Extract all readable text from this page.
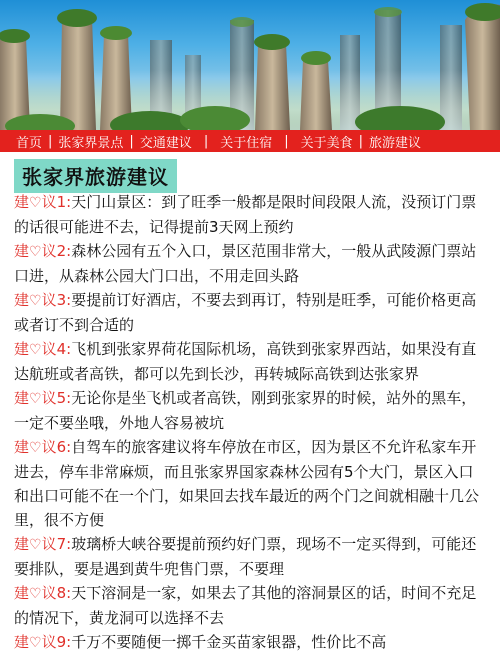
首页 | 张家界景点 | 交通建议 | 关于住宿 | 关于美食 | 旅游建议
张家界旅游建议

建♡议1:天门山景区：到了旺季一般都是限时间段限人流，没预订门票的话很可能进不去，记得提前3天网上预约

建♡议2:森林公园有五个入口，景区范围非常大，一般从武陵源门票站口进，从森林公园大门口出，不用走回头路

建♡议3:要提前订好酒店，不要去到再订，特别是旺季，可能价格更高或者订不到合适的

建♡议4:飞机到张家界荷花国际机场，高铁到张家界西站，如果没有直达航班或者高铁，都可以先到长沙，再转城际高铁到达张家界

建♡议5:无论你是坐飞机或者高铁，刚到张家界的时候，站外的黑车，一定不要坐哦，外地人容易被坑

建♡议6:自驾车的旅客建议将车停放在市区，因为景区不允许私家车开进去，停车非常麻烦，而且张家界国家森林公园有5个大门，景区入口和出口可能不在一个门，如果回去找车最近的两个门之间就相融十几公里，很不方便

建♡议7:玻璃桥大峡谷要提前预约好门票，现场不一定买得到，可能还要排队，要是遇到黄牛兜售门票，不要理

建♡议8:天下溶洞是一家，如果去了其他的溶洞景区的话，时间不充足的情况下，黄龙洞可以选择不去

建♡议9:千万不要随便一掷千金买苗家银器，性价比不高
